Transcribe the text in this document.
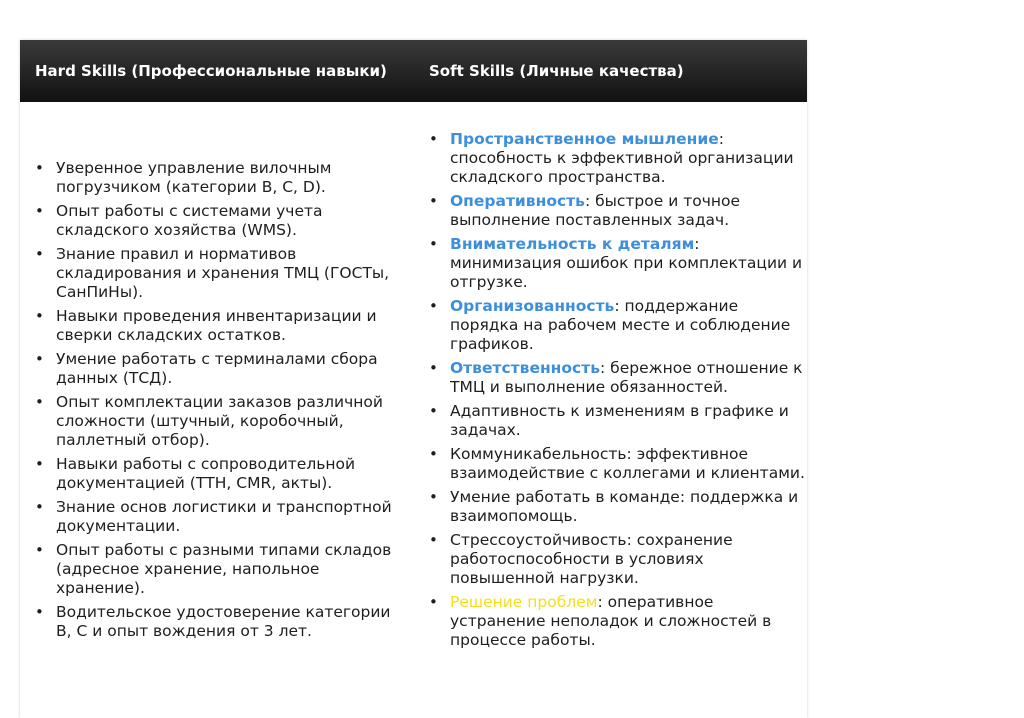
Hard Skills (Профессиональные навыки)	Soft Skills (Личные качества)
• Уверенное управление вилочным погрузчиком (категории B, C, D).
• Опыт работы с системами учета складского хозяйства (WMS).
• Знание правил и нормативов складирования и хранения ТМЦ (ГОСТы, СанПиНы).
• Навыки проведения инвентаризации и сверки складских остатков.
• Умение работать с терминалами сбора данных (ТСД).
• Опыт комплектации заказов различной сложности (штучный, коробочный, паллетный отбор).
• Навыки работы с сопроводительной документацией (ТТН, CMR, акты).
• Знание основ логистики и транспортной документации.
• Опыт работы с разными типами складов (адресное хранение, напольное хранение).
• Водительское удостоверение категории B, C и опыт вождения от 3 лет.
• Пространственное мышление: способность к эффективной организации складского пространства.
• Оперативность: быстрое и точное выполнение поставленных задач.
• Внимательность к деталям: минимизация ошибок при комплектации и отгрузке.
• Организованность: поддержание порядка на рабочем месте и соблюдение графиков.
• Ответственность: бережное отношение к ТМЦ и выполнение обязанностей.
• Адаптивность к изменениям в графике и задачах.
• Коммуникабельность: эффективное взаимодействие с коллегами и клиентами.
• Умение работать в команде: поддержка и взаимопомощь.
• Стрессоустойчивость: сохранение работоспособности в условиях повышенной нагрузки.
• Решение проблем: оперативное устранение неполадок и сложностей в процессе работы.
